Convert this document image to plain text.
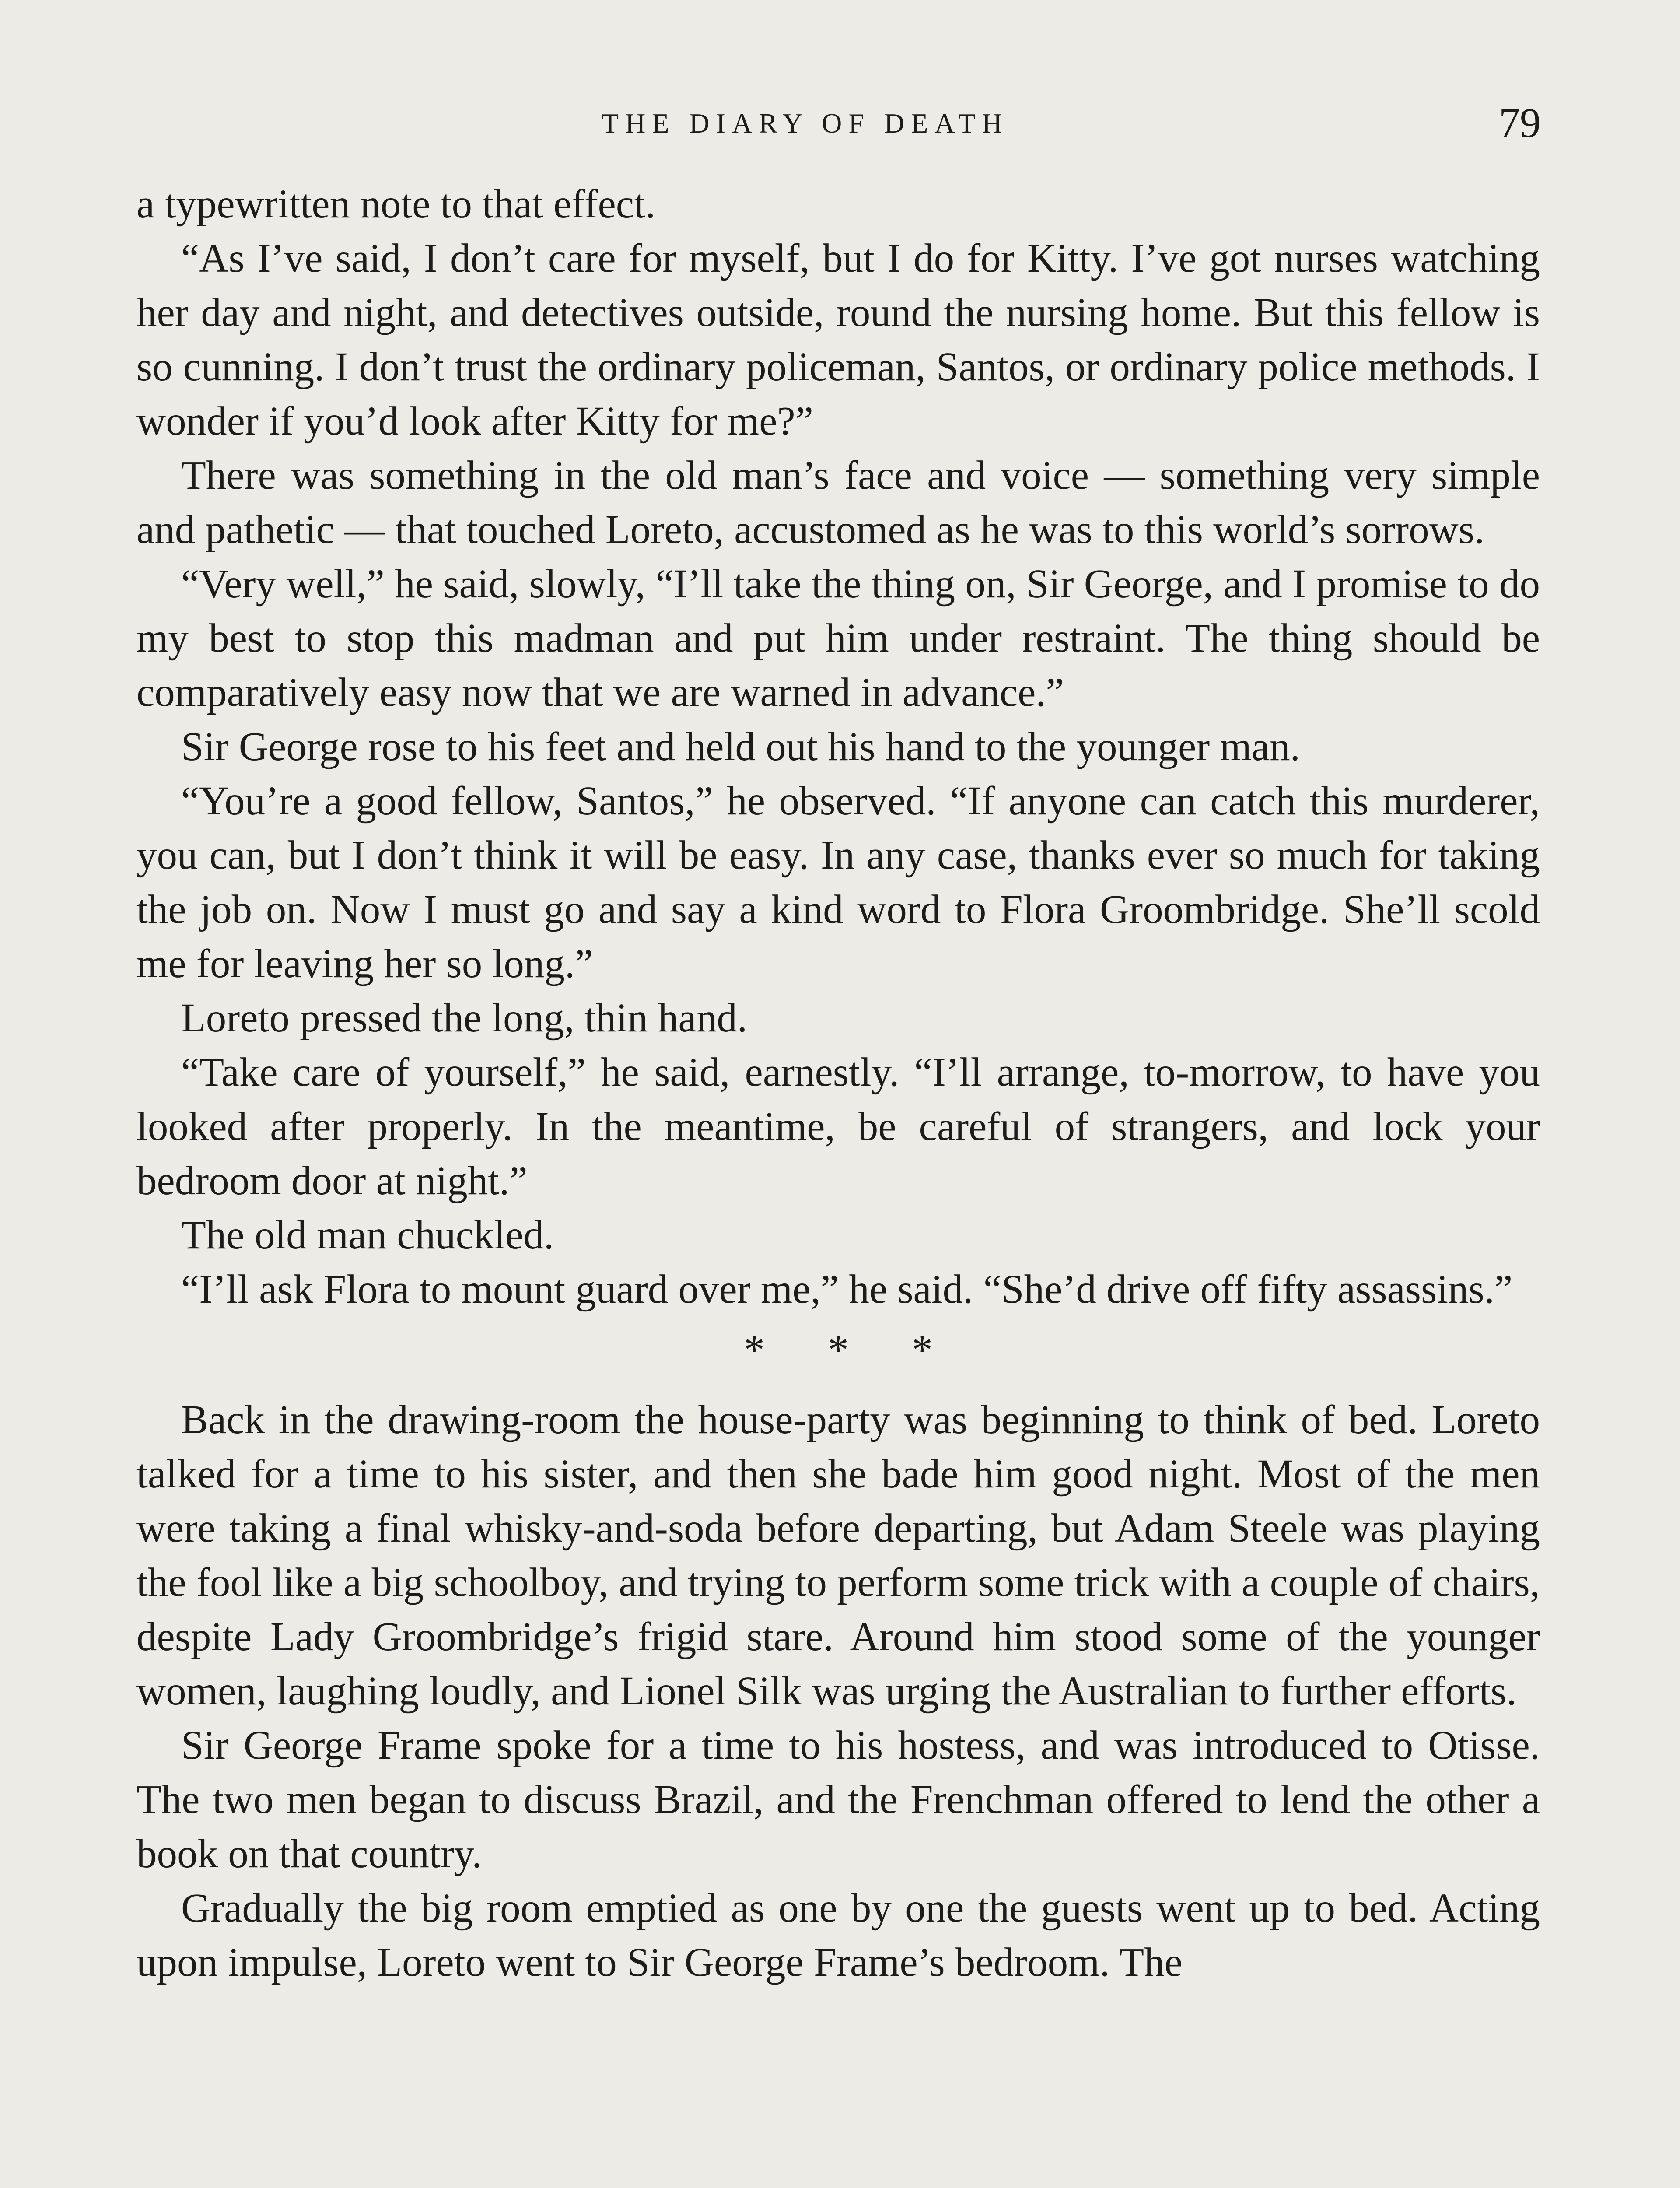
THE DIARY OF DEATH	79

a typewritten note to that effect.

“As I’ve said, I don’t care for myself, but I do for Kitty. I’ve got nurses watching her day and night, and detectives outside, round the nursing home. But this fellow is so cunning. I don’t trust the ordinary policeman, Santos, or ordinary police methods. I wonder if you’d look after Kitty for me?”

There was something in the old man’s face and voice — something very simple and pathetic — that touched Loreto, accustomed as he was to this world’s sorrows.

“Very well,” he said, slowly, “I’ll take the thing on, Sir George, and I promise to do my best to stop this madman and put him under restraint. The thing should be comparatively easy now that we are warned in advance.”

Sir George rose to his feet and held out his hand to the younger man.

“You’re a good fellow, Santos,” he observed. “If anyone can catch this murderer, you can, but I don’t think it will be easy. In any case, thanks ever so much for taking the job on. Now I must go and say a kind word to Flora Groombridge. She’ll scold me for leaving her so long.”

Loreto pressed the long, thin hand.

“Take care of yourself,” he said, earnestly. “I’ll arrange, to-morrow, to have you looked after properly. In the meantime, be careful of strangers, and lock your bedroom door at night.”

The old man chuckled.

“I’ll ask Flora to mount guard over me,” he said. “She’d drive off fifty assassins.”

* * *

Back in the drawing-room the house-party was beginning to think of bed. Loreto talked for a time to his sister, and then she bade him good night. Most of the men were taking a final whisky-and-soda before departing, but Adam Steele was playing the fool like a big schoolboy, and trying to perform some trick with a couple of chairs, despite Lady Groombridge’s frigid stare. Around him stood some of the younger women, laughing loudly, and Lionel Silk was urging the Australian to further efforts.

Sir George Frame spoke for a time to his hostess, and was introduced to Otisse. The two men began to discuss Brazil, and the Frenchman offered to lend the other a book on that country.

Gradually the big room emptied as one by one the guests went up to bed. Acting upon impulse, Loreto went to Sir George Frame’s bedroom. The
